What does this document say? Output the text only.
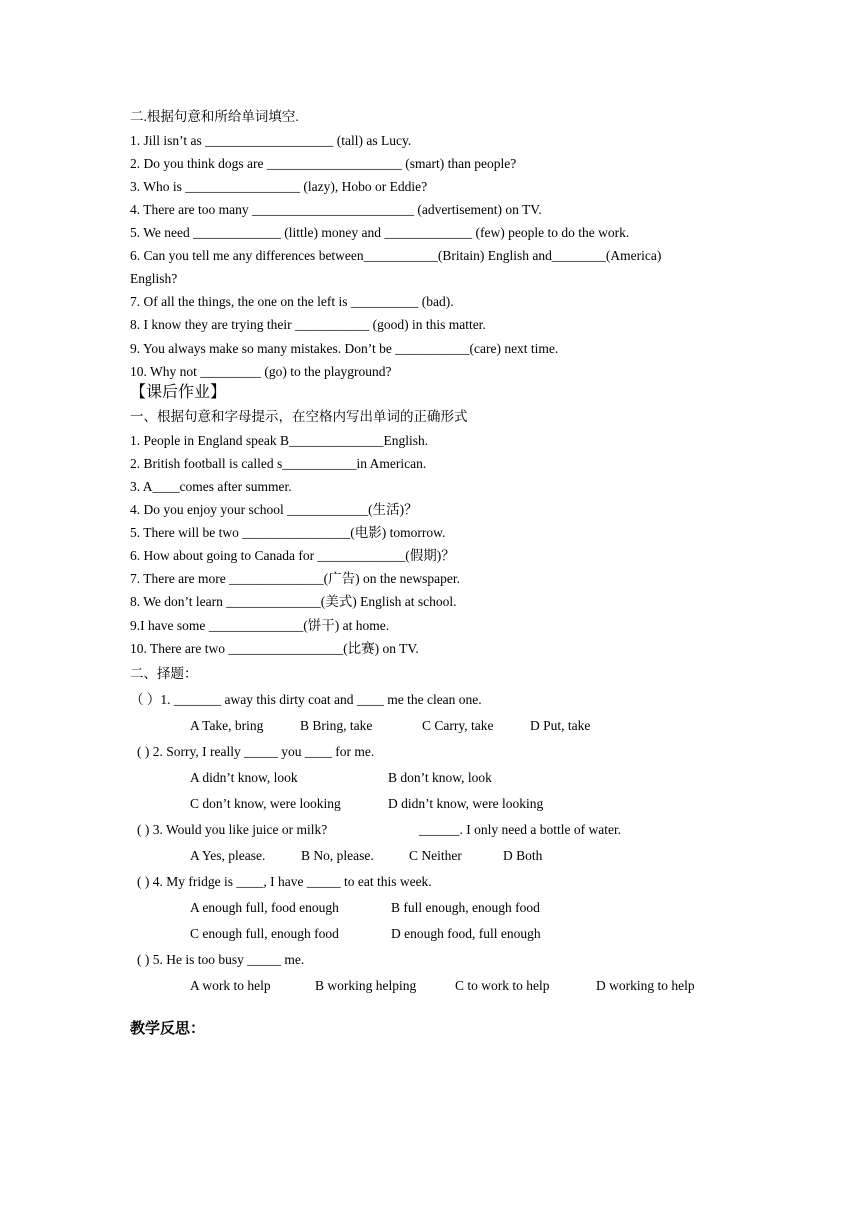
二.根据句意和所给单词填空.
1. Jill isn’t as ___________________ (tall) as Lucy.
2. Do you think dogs are ____________________ (smart) than people?
3. Who is _________________ (lazy), Hobo or Eddie?
4. There are too many ________________________ (advertisement) on TV.
5. We need _____________ (little) money and _____________ (few) people to do the work.
6. Can you tell me any differences between___________(Britain) English and________(America)
English?
7. Of all the things, the one on the left is __________ (bad).
8. I know they are trying their ___________ (good) in this matter.
9. You always make so many mistakes. Don’t be ___________(care) next time.
10. Why not _________ (go) to the playground?
【课后作业】
一、根据句意和字母提示，在空格内写出单词的正确形式
1. People in England speak B______________English.
2. British football is called s___________in American.
3. A____comes after summer.
4. Do you enjoy your school ____________(生活)？
5. There will be two ________________(电影) tomorrow.
6. How about going to Canada for _____________(假期)？
7. There are more ______________(广告) on the newspaper.
8. We don’t learn ______________(美式) English at school.
9.I have some ______________(饼干) at home.
10. There are two _________________(比赛) on TV.
二、择题：
（ ）1. _______ away this dirty coat and ____ me the clean one.
A Take, bring	B Bring, take	C Carry, take	D Put, take
( ) 2. Sorry, I really _____ you ____ for me.
A didn’t know, look	B don’t know, look
C don’t know, were looking	D didn’t know, were looking
( ) 3. Would you like juice or milk?	______. I only need a bottle of water.
A Yes, please.	B No, please.	C Neither	D Both
( ) 4. My fridge is ____, I have _____ to eat this week.
A enough full, food enough	B full enough, enough food
C enough full, enough food	D enough food, full enough
( ) 5. He is too busy _____ me.
A work to help	B working helping	C to work to help	D working to help
教学反思：
